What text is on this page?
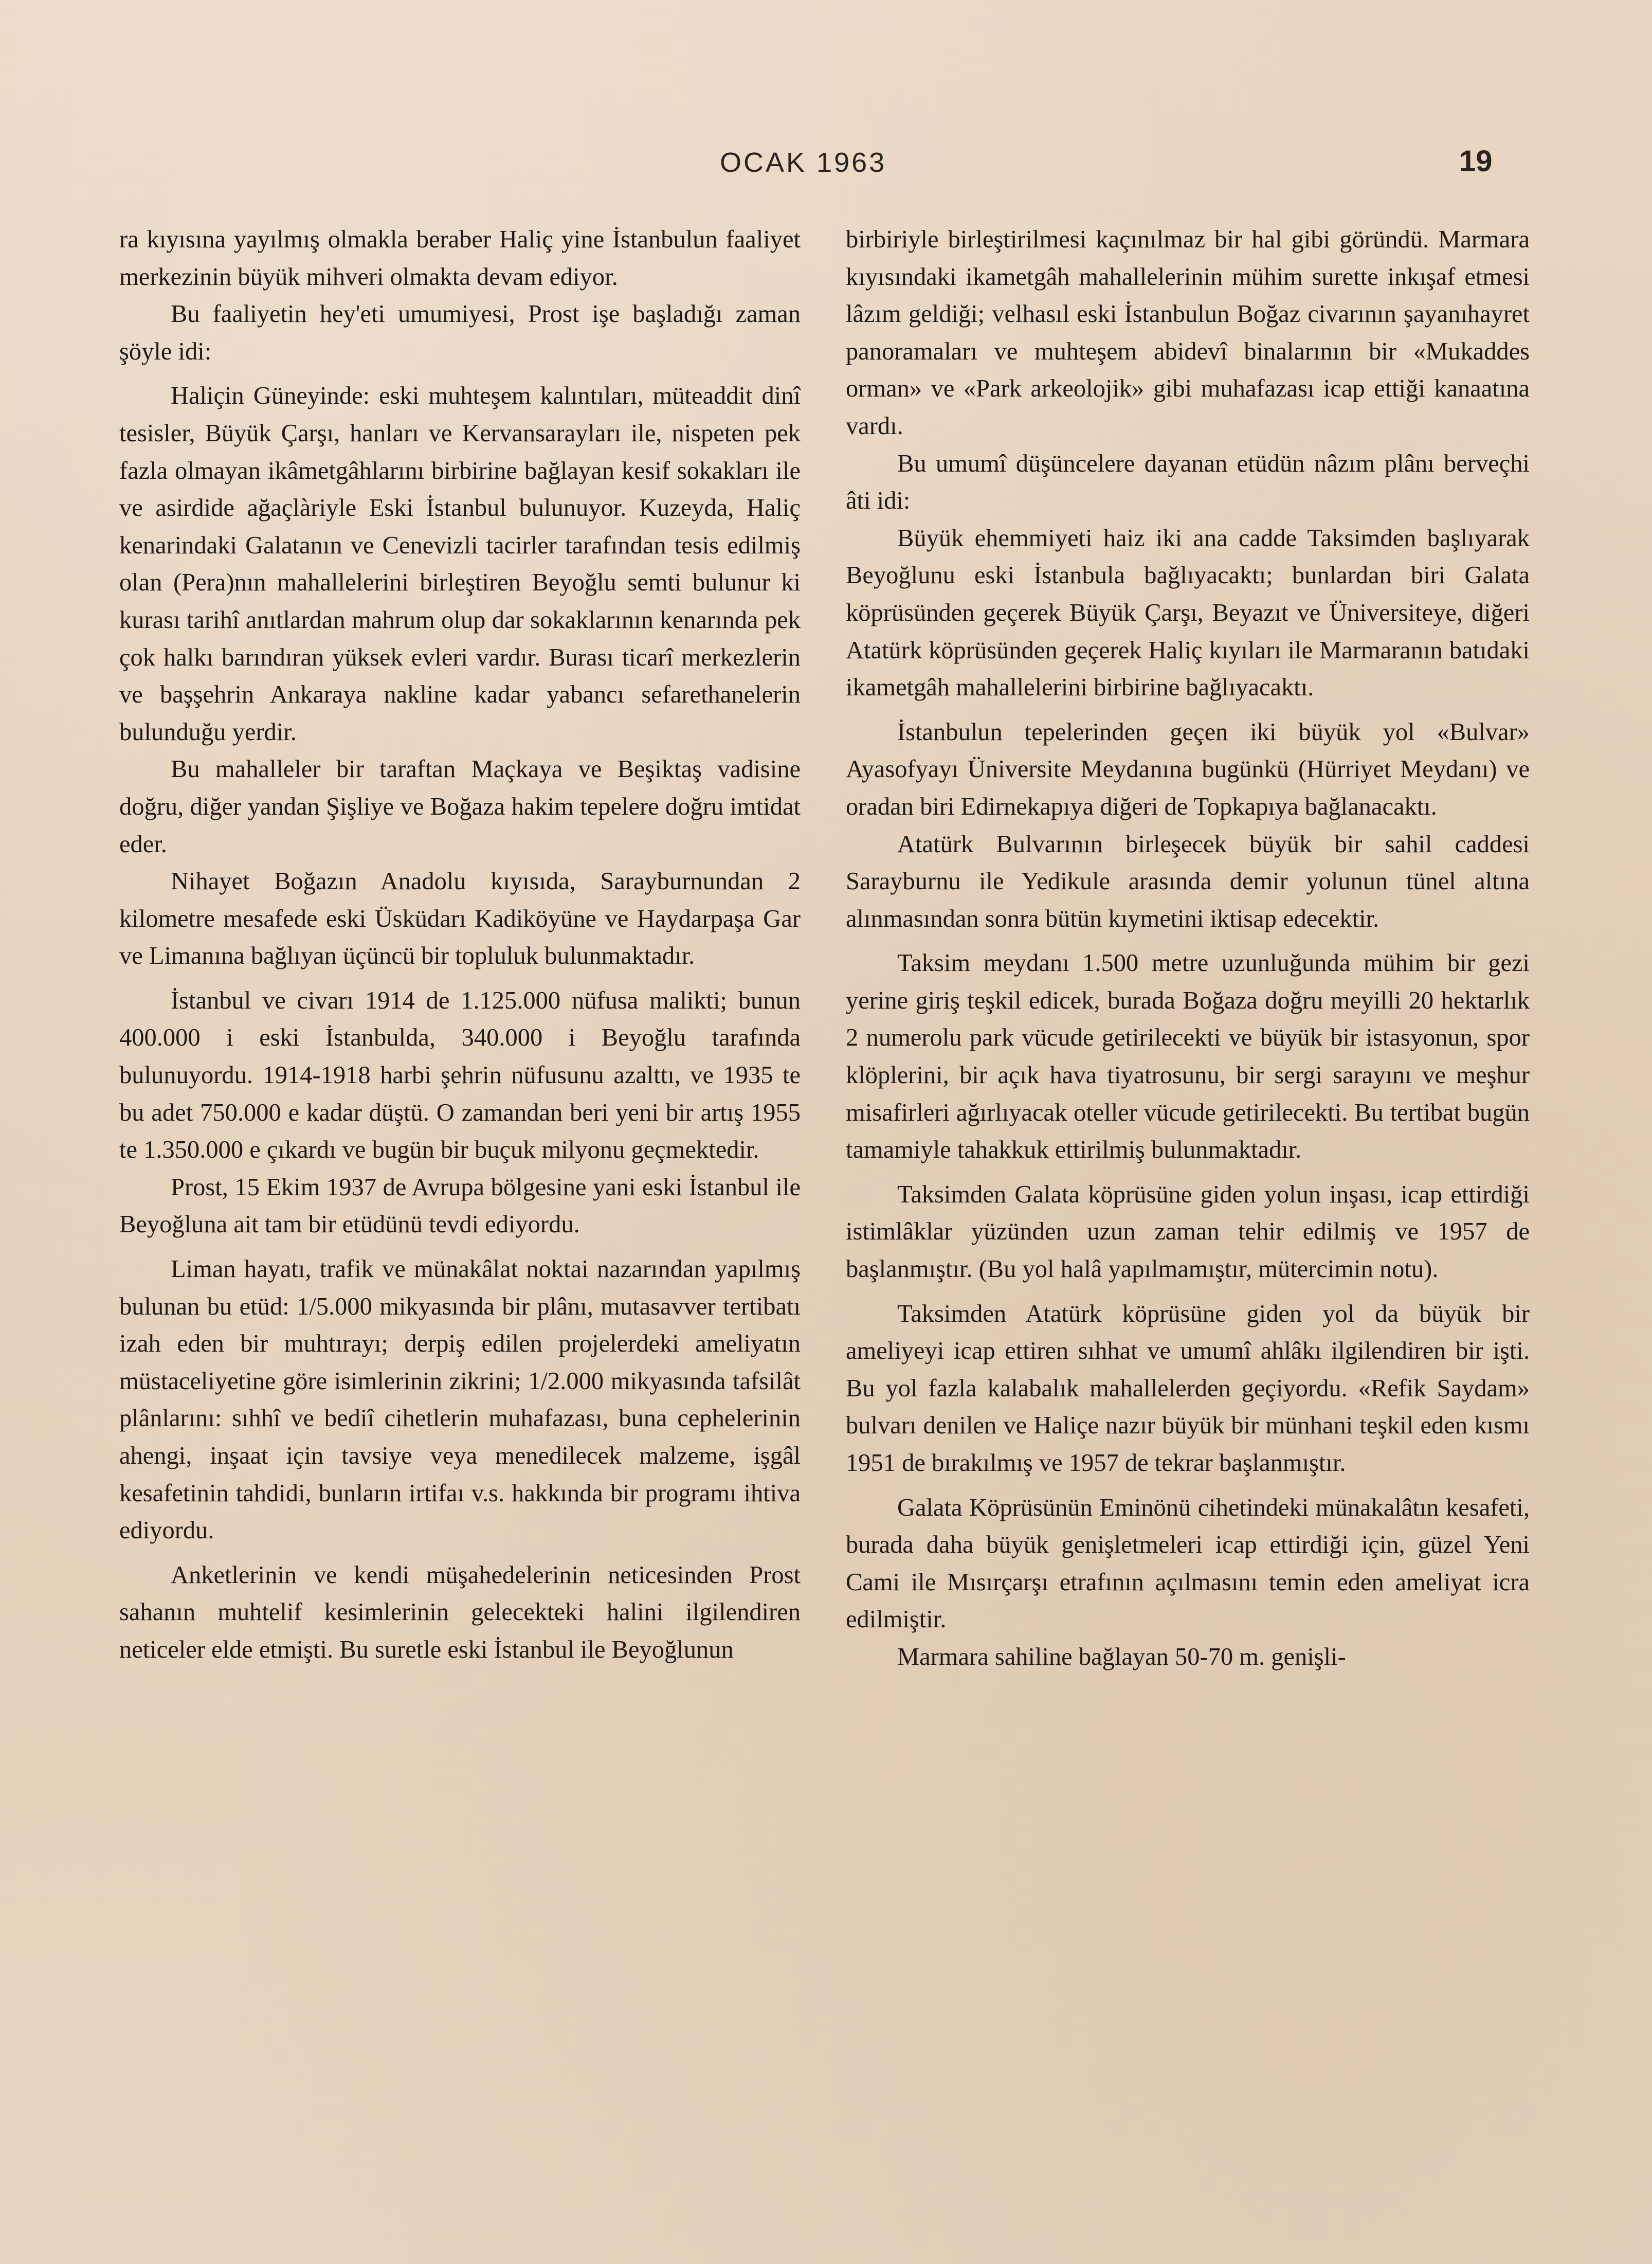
OCAK 1963	19

ra kıyısına yayılmış olmakla beraber Haliç yine İstanbulun faaliyet merkezinin büyük mihveri olmakta devam ediyor.

Bu faaliyetin hey'eti umumiyesi, Prost işe başladığı zaman şöyle idi:

Haliçin Güneyinde: eski muhteşem kalıntıları, müteaddit dinî tesisler, Büyük Çarşı, hanları ve Kervansarayları ile, nispeten pek fazla olmayan ikâmetgâhlarını birbirine bağlayan kesif sokakları ile ve asirdide ağaçlàriyle Eski İstanbul bulunuyor. Kuzeyda, Haliç kenarindaki Galatanın ve Cenevizli tacirler tarafından tesis edilmiş olan (Pera)nın mahallelerini birleştiren Beyoğlu semti bulunur ki kurası tarihî anıtlardan mahrum olup dar sokaklarının kenarında pek çok halkı barındıran yüksek evleri vardır. Burası ticarî merkezlerin ve başşehrin Ankaraya nakline kadar yabancı sefarethanelerin bulunduğu yerdir.

Bu mahalleler bir taraftan Maçkaya ve Beşiktaş vadisine doğru, diğer yandan Şişliye ve Boğaza hakim tepelere doğru imtidat eder.

Nihayet Boğazın Anadolu kıyısıda, Sarayburnundan 2 kilometre mesafede eski Üsküdarı Kadiköyüne ve Haydarpaşa Gar ve Limanına bağlıyan üçüncü bir topluluk bulunmaktadır.

İstanbul ve civarı 1914 de 1.125.000 nüfusa malikti; bunun 400.000 i eski İstanbulda, 340.000 i Beyoğlu tarafında bulunuyordu. 1914-1918 harbi şehrin nüfusunu azalttı, ve 1935 te bu adet 750.000 e kadar düştü. O zamandan beri yeni bir artış 1955 te 1.350.000 e çıkardı ve bugün bir buçuk milyonu geçmektedir.

Prost, 15 Ekim 1937 de Avrupa bölgesine yani eski İstanbul ile Beyoğluna ait tam bir etüdünü tevdi ediyordu.

Liman hayatı, trafik ve münakâlat noktai nazarından yapılmış bulunan bu etüd: 1/5.000 mikyasında bir plânı, mutasavver tertibatı izah eden bir muhtırayı; derpiş edilen projelerdeki ameliyatın müstaceliyetine göre isimlerinin zikrini; 1/2.000 mikyasında tafsilât plânlarını: sıhhî ve bediî cihetlerin muhafazası, buna cephelerinin ahengi, inşaat için tavsiye veya menedilecek malzeme, işgâl kesafetinin tahdidi, bunların irtifaı v.s. hakkında bir programı ihtiva ediyordu.

Anketlerinin ve kendi müşahedelerinin neticesinden Prost sahanın muhtelif kesimlerinin gelecekteki halini ilgilendiren neticeler elde etmişti. Bu suretle eski İstanbul ile Beyoğlunun

birbiriyle birleştirilmesi kaçınılmaz bir hal gibi göründü. Marmara kıyısındaki ikametgâh mahallelerinin mühim surette inkışaf etmesi lâzım geldiği; velhasıl eski İstanbulun Boğaz civarının şayanıhayret panoramaları ve muhteşem abidevî binalarının bir «Mukaddes orman» ve «Park arkeolojik» gibi muhafazası icap ettiği kanaatına vardı.

Bu umumî düşüncelere dayanan etüdün nâzım plânı berveçhi âti idi:

Büyük ehemmiyeti haiz iki ana cadde Taksimden başlıyarak Beyoğlunu eski İstanbula bağlıyacaktı; bunlardan biri Galata köprüsünden geçerek Büyük Çarşı, Beyazıt ve Üniversiteye, diğeri Atatürk köprüsünden geçerek Haliç kıyıları ile Marmaranın batıdaki ikametgâh mahallelerini birbirine bağlıyacaktı.

İstanbulun tepelerinden geçen iki büyük yol «Bulvar» Ayasofyayı Üniversite Meydanına bugünkü (Hürriyet Meydanı) ve oradan biri Edirnekapıya diğeri de Topkapıya bağlanacaktı.

Atatürk Bulvarının birleşecek büyük bir sahil caddesi Sarayburnu ile Yedikule arasında demir yolunun tünel altına alınmasından sonra bütün kıymetini iktisap edecektir.

Taksim meydanı 1.500 metre uzunluğunda mühim bir gezi yerine giriş teşkil edicek, burada Boğaza doğru meyilli 20 hektarlık 2 numerolu park vücude getirilecekti ve büyük bir istasyonun, spor klöplerini, bir açık hava tiyatrosunu, bir sergi sarayını ve meşhur misafirleri ağırlıyacak oteller vücude getirilecekti. Bu tertibat bugün tamamiyle tahakkuk ettirilmiş bulunmaktadır.

Taksimden Galata köprüsüne giden yolun inşası, icap ettirdiği istimlâklar yüzünden uzun zaman tehir edilmiş ve 1957 de başlanmıştır. (Bu yol halâ yapılmamıştır, mütercimin notu).

Taksimden Atatürk köprüsüne giden yol da büyük bir ameliyeyi icap ettiren sıhhat ve umumî ahlâkı ilgilendiren bir işti. Bu yol fazla kalabalık mahallelerden geçiyordu. «Refik Saydam» bulvarı denilen ve Haliçe nazır büyük bir münhani teşkil eden kısmı 1951 de bırakılmış ve 1957 de tekrar başlanmıştır.

Galata Köprüsünün Eminönü cihetindeki münakalâtın kesafeti, burada daha büyük genişletmeleri icap ettirdiği için, güzel Yeni Cami ile Mısırçarşı etrafının açılmasını temin eden ameliyat icra edilmiştir.

Marmara sahiline bağlayan 50-70 m. genişli-
